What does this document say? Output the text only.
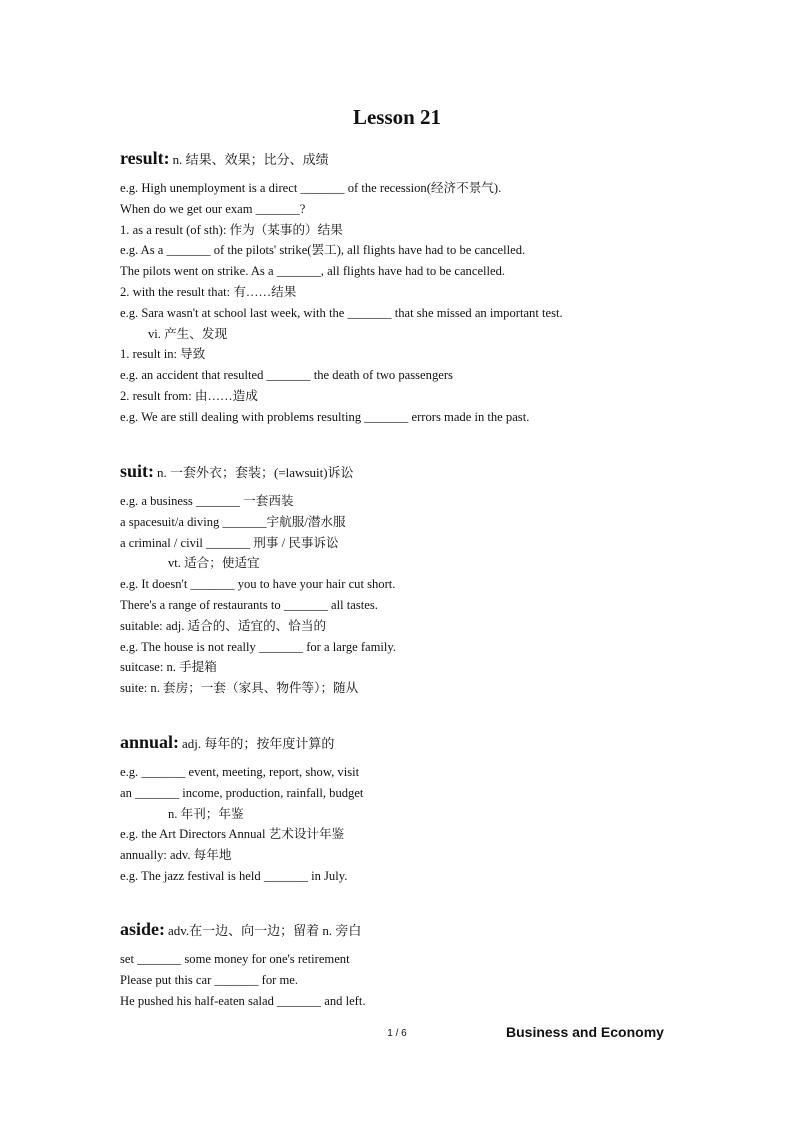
Lesson 21
result: n. 结果、效果；比分、成绩
e.g. High unemployment is a direct _______ of the recession(经济不景气).
When do we get our exam _______?
1. as a result (of sth): 作为（某事的）结果
e.g. As a _______ of the pilots' strike(罢工), all flights have had to be cancelled.
The pilots went on strike. As a _______, all flights have had to be cancelled.
2. with the result that: 有……结果
e.g. Sara wasn't at school last week, with the _______ that she missed an important test.
vi. 产生、发现
1. result in: 导致
e.g. an accident that resulted _______ the death of two passengers
2. result from: 由……造成
e.g. We are still dealing with problems resulting _______ errors made in the past.
suit: n. 一套外衣；套装；(=lawsuit)诉讼
e.g. a business _______ 一套西装
a spacesuit/a diving _______宇航服/潜水服
a criminal / civil _______ 刑事 / 民事诉讼
vt. 适合；使适宜
e.g. It doesn't _______ you to have your hair cut short.
There's a range of restaurants to _______ all tastes.
suitable: adj. 适合的、适宜的、恰当的
e.g. The house is not really _______ for a large family.
suitcase: n. 手提箱
suite: n. 套房；一套（家具、物件等）；随从
annual: adj. 每年的；按年度计算的
e.g. _______ event, meeting, report, show, visit
an _______ income, production, rainfall, budget
n. 年刊；年鉴
e.g. the Art Directors Annual 艺术设计年鉴
annually: adv. 每年地
e.g. The jazz festival is held _______ in July.
aside: adv.在一边、向一边；留着 n. 旁白
set _______ some money for one's retirement
Please put this car _______ for me.
He pushed his half-eaten salad _______ and left.
1 / 6	Business and Economy
